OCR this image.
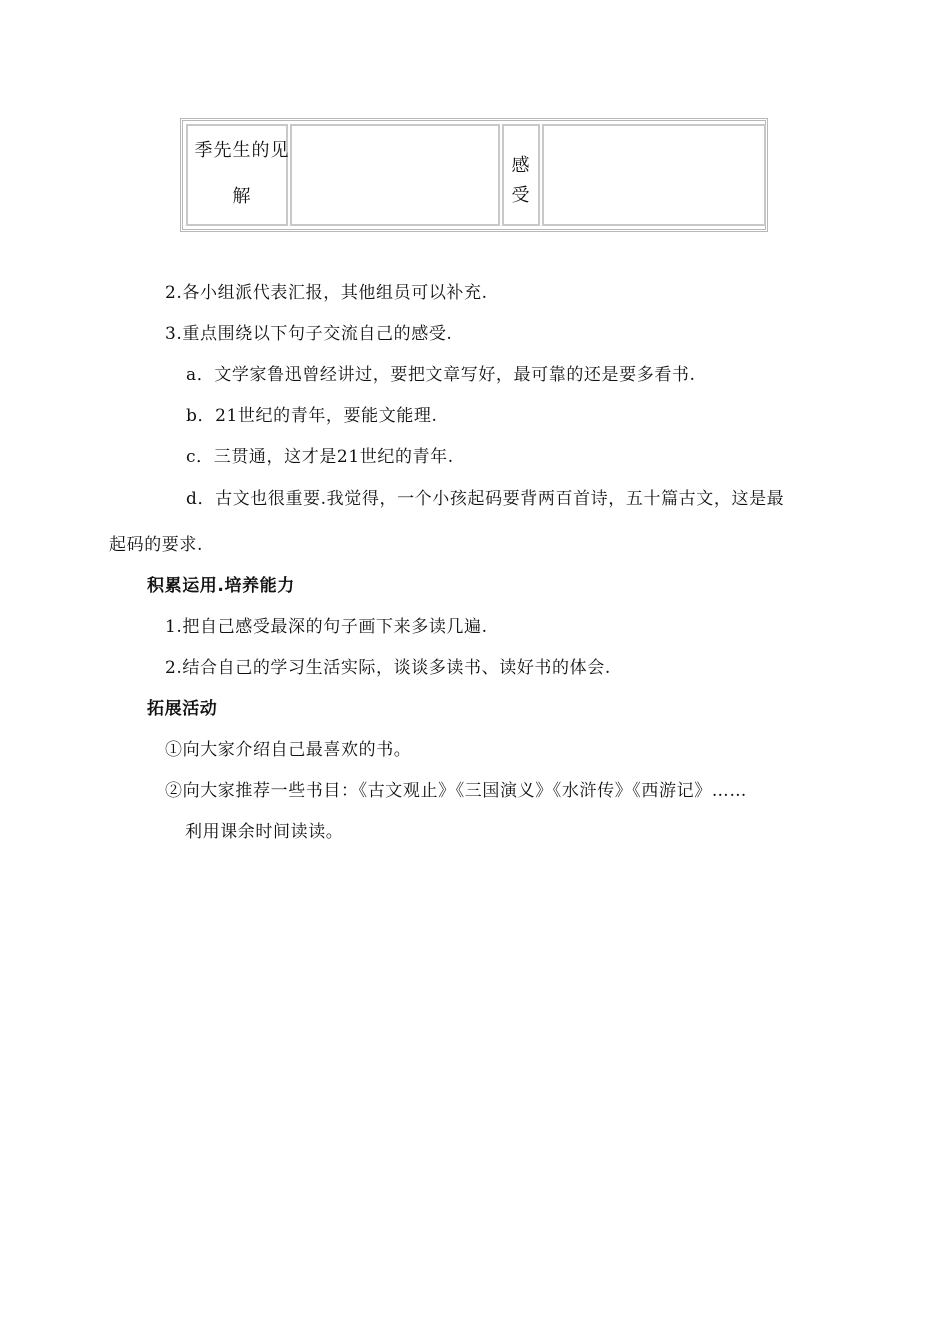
季先生的见解
感受
2.各小组派代表汇报，其他组员可以补充.
3.重点围绕以下句子交流自己的感受.
a．文学家鲁迅曾经讲过，要把文章写好，最可靠的还是要多看书.
b．21世纪的青年，要能文能理.
c．三贯通，这才是21世纪的青年.
d．古文也很重要.我觉得，一个小孩起码要背两百首诗，五十篇古文，这是最
起码的要求.
积累运用.培养能力
1.把自己感受最深的句子画下来多读几遍.
2.结合自己的学习生活实际，谈谈多读书、读好书的体会.
拓展活动
①向大家介绍自己最喜欢的书。
②向大家推荐一些书目：《古文观止》《三国演义》《水浒传》《西游记》……
利用课余时间读读。
